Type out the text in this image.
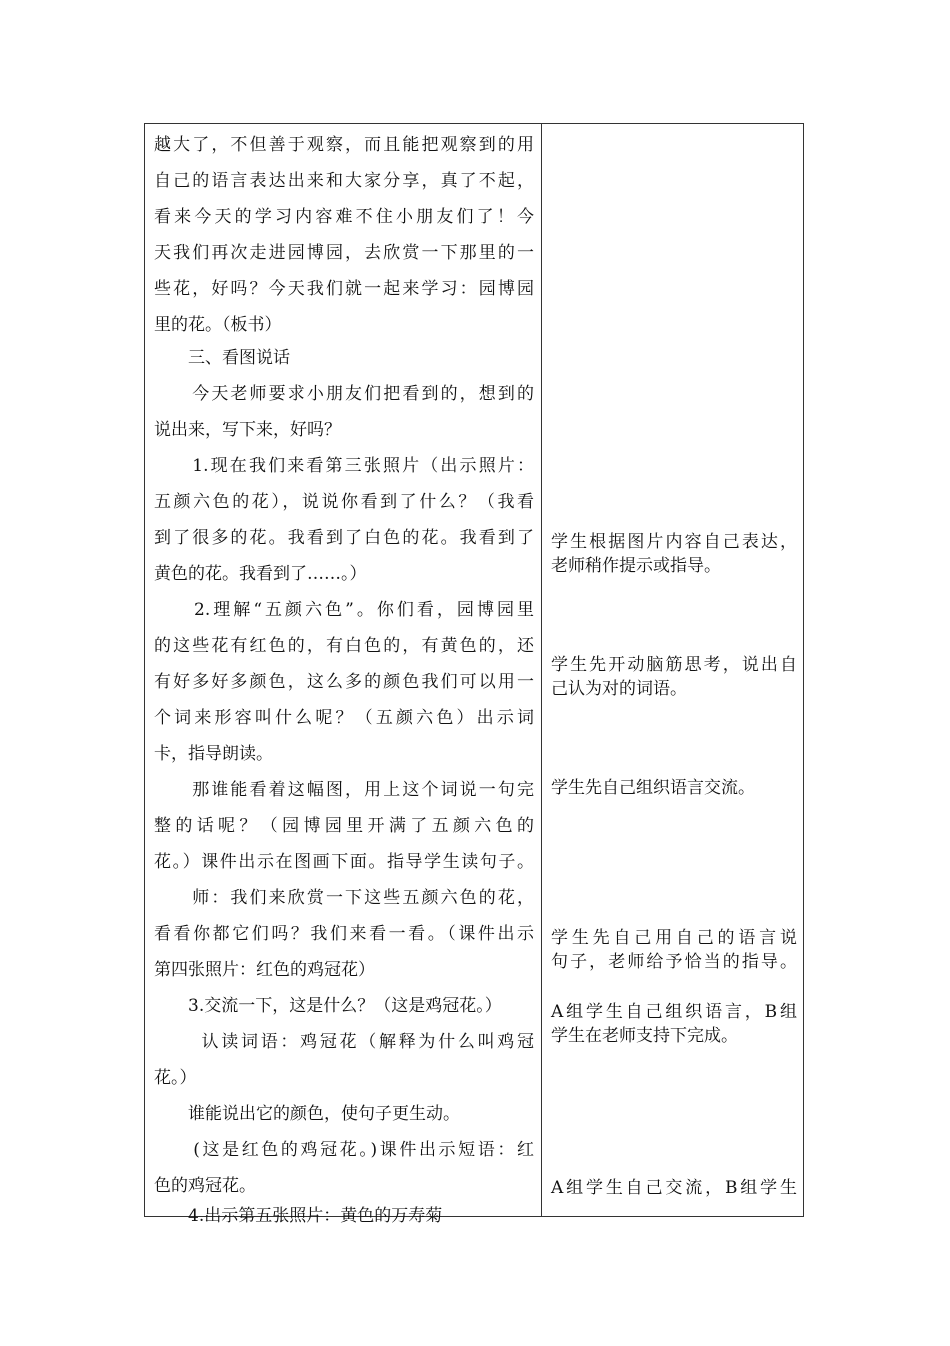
越大了，不但善于观察，而且能把观察到的用
自己的语言表达出来和大家分享，真了不起，
看来今天的学习内容难不住小朋友们了！今
天我们再次走进园博园，去欣赏一下那里的一
些花，好吗？今天我们就一起来学习：园博园
里的花。（板书）
　　三、看图说话
　　今天老师要求小朋友们把看到的，想到的
说出来，写下来，好吗？
　　1.现在我们来看第三张照片（出示照片：
五颜六色的花），说说你看到了什么？（我看
到了很多的花。我看到了白色的花。我看到了
黄色的花。我看到了……。）
　　2.理解“五颜六色”。你们看，园博园里
的这些花有红色的，有白色的，有黄色的，还
有好多好多颜色，这么多的颜色我们可以用一
个词来形容叫什么呢？（五颜六色）出示词
卡，指导朗读。
　　那谁能看着这幅图，用上这个词说一句完
整的话呢？（园博园里开满了五颜六色的
花。）课件出示在图画下面。指导学生读句子。
　　师：我们来欣赏一下这些五颜六色的花，
看看你都它们吗？我们来看一看。（课件出示
第四张照片：红色的鸡冠花）
　　3.交流一下，这是什么？（这是鸡冠花。）
　　 认读词语：鸡冠花（解释为什么叫鸡冠
花。）
　　谁能说出它的颜色，使句子更生动。
　　(这是红色的鸡冠花。)课件出示短语：红
色的鸡冠花。
　　4.出示第五张照片：黄色的万寿菊
学生根据图片内容自己表达，
老师稍作提示或指导。
学生先开动脑筋思考，说出自
己认为对的词语。
学生先自己组织语言交流。
学生先自己用自己的语言说
句子，老师给予恰当的指导。
A组学生自己组织语言，B组
学生在老师支持下完成。
A组学生自己交流，B组学生
